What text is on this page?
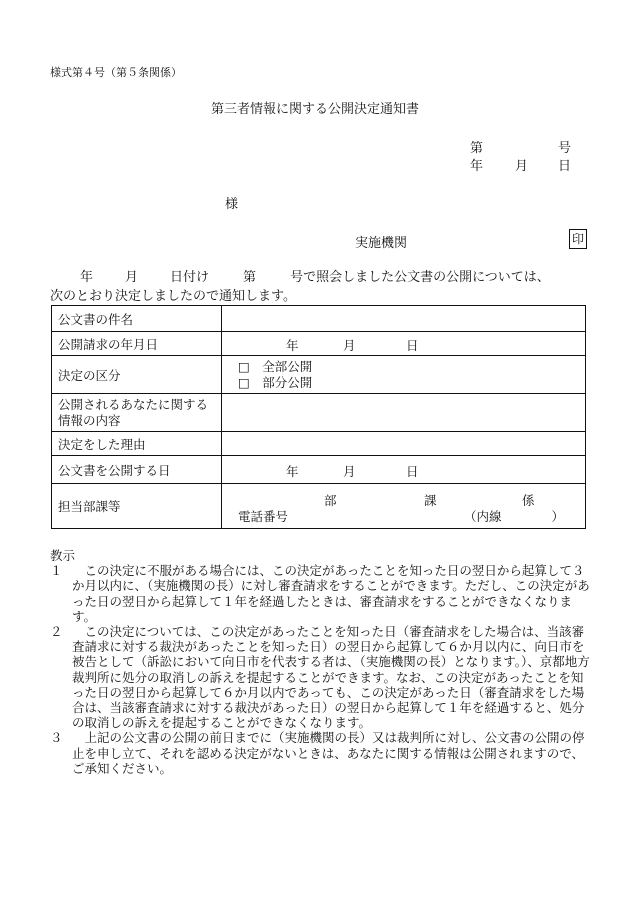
様式第４号（第５条関係）
第三者情報に関する公開決定通知書
第	号
年 月 日
様
実施機関	印
年 月 日付け	第	号で照会しました公文書の公開については、
次のとおり決定しましたので通知します。
公文書の件名	
公開請求の年月日	年 月 日

決定の区分	□　全部公開
□　部分公開

公開されるあなたに関する情報の内容	
決定をした理由	
公文書を公開する日	年 月 日

担当部課等	部 課 係
電話番号 （内線　　　　）
教示
１	この決定に不服がある場合には、この決定があったことを知った日の翌日から起算して３か月以内に、（実施機関の長）に対し審査請求をすることができます。ただし、この決定があった日の翌日から起算して１年を経過したときは、審査請求をすることができなくなります。
２	この決定については、この決定があったことを知った日（審査請求をした場合は、当該審査請求に対する裁決があったことを知った日）の翌日から起算して６か月以内に、向日市を被告として（訴訟において向日市を代表する者は、（実施機関の長）となります。）、京都地方裁判所に処分の取消しの訴えを提起することができます。なお、この決定があったことを知った日の翌日から起算して６か月以内であっても、この決定があった日（審査請求をした場合は、当該審査請求に対する裁決があった日）の翌日から起算して１年を経過すると、処分の取消しの訴えを提起することができなくなります。
３	上記の公文書の公開の前日までに（実施機関の長）又は裁判所に対し、公文書の公開の停止を申し立て、それを認める決定がないときは、あなたに関する情報は公開されますので、ご承知ください。
